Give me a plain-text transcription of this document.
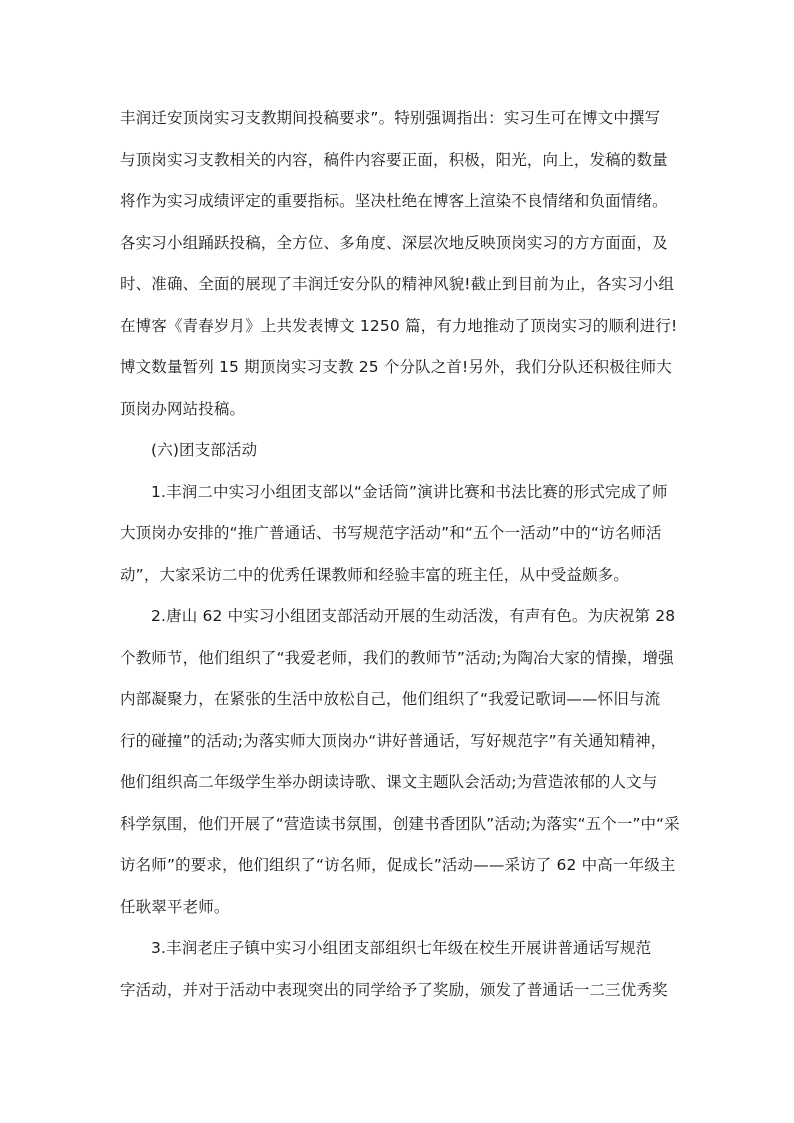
丰润迁安顶岗实习支教期间投稿要求”。特别强调指出：实习生可在博文中撰写
与顶岗实习支教相关的内容，稿件内容要正面，积极，阳光，向上，发稿的数量
将作为实习成绩评定的重要指标。坚决杜绝在博客上渲染不良情绪和负面情绪。
各实习小组踊跃投稿，全方位、多角度、深层次地反映顶岗实习的方方面面，及
时、准确、全面的展现了丰润迁安分队的精神风貌!截止到目前为止，各实习小组
在博客《青春岁月》上共发表博文 1250 篇，有力地推动了顶岗实习的顺利进行!
博文数量暂列 15 期顶岗实习支教 25 个分队之首!另外，我们分队还积极往师大
顶岗办网站投稿。
(六)团支部活动
1.丰润二中实习小组团支部以“金话筒”演讲比赛和书法比赛的形式完成了师
大顶岗办安排的“推广普通话、书写规范字活动”和“五个一活动”中的“访名师活
动”，大家采访二中的优秀任课教师和经验丰富的班主任，从中受益颇多。
2.唐山 62 中实习小组团支部活动开展的生动活泼，有声有色。为庆祝第 28
个教师节，他们组织了“我爱老师，我们的教师节”活动;为陶冶大家的情操，增强
内部凝聚力，在紧张的生活中放松自己，他们组织了“我爱记歌词——怀旧与流
行的碰撞”的活动;为落实师大顶岗办“讲好普通话，写好规范字”有关通知精神，
他们组织高二年级学生举办朗读诗歌、课文主题队会活动;为营造浓郁的人文与
科学氛围，他们开展了“营造读书氛围，创建书香团队”活动;为落实“五个一”中“采
访名师”的要求，他们组织了“访名师，促成长”活动——采访了 62 中高一年级主
任耿翠平老师。
3.丰润老庄子镇中实习小组团支部组织七年级在校生开展讲普通话写规范
字活动，并对于活动中表现突出的同学给予了奖励，颁发了普通话一二三优秀奖
